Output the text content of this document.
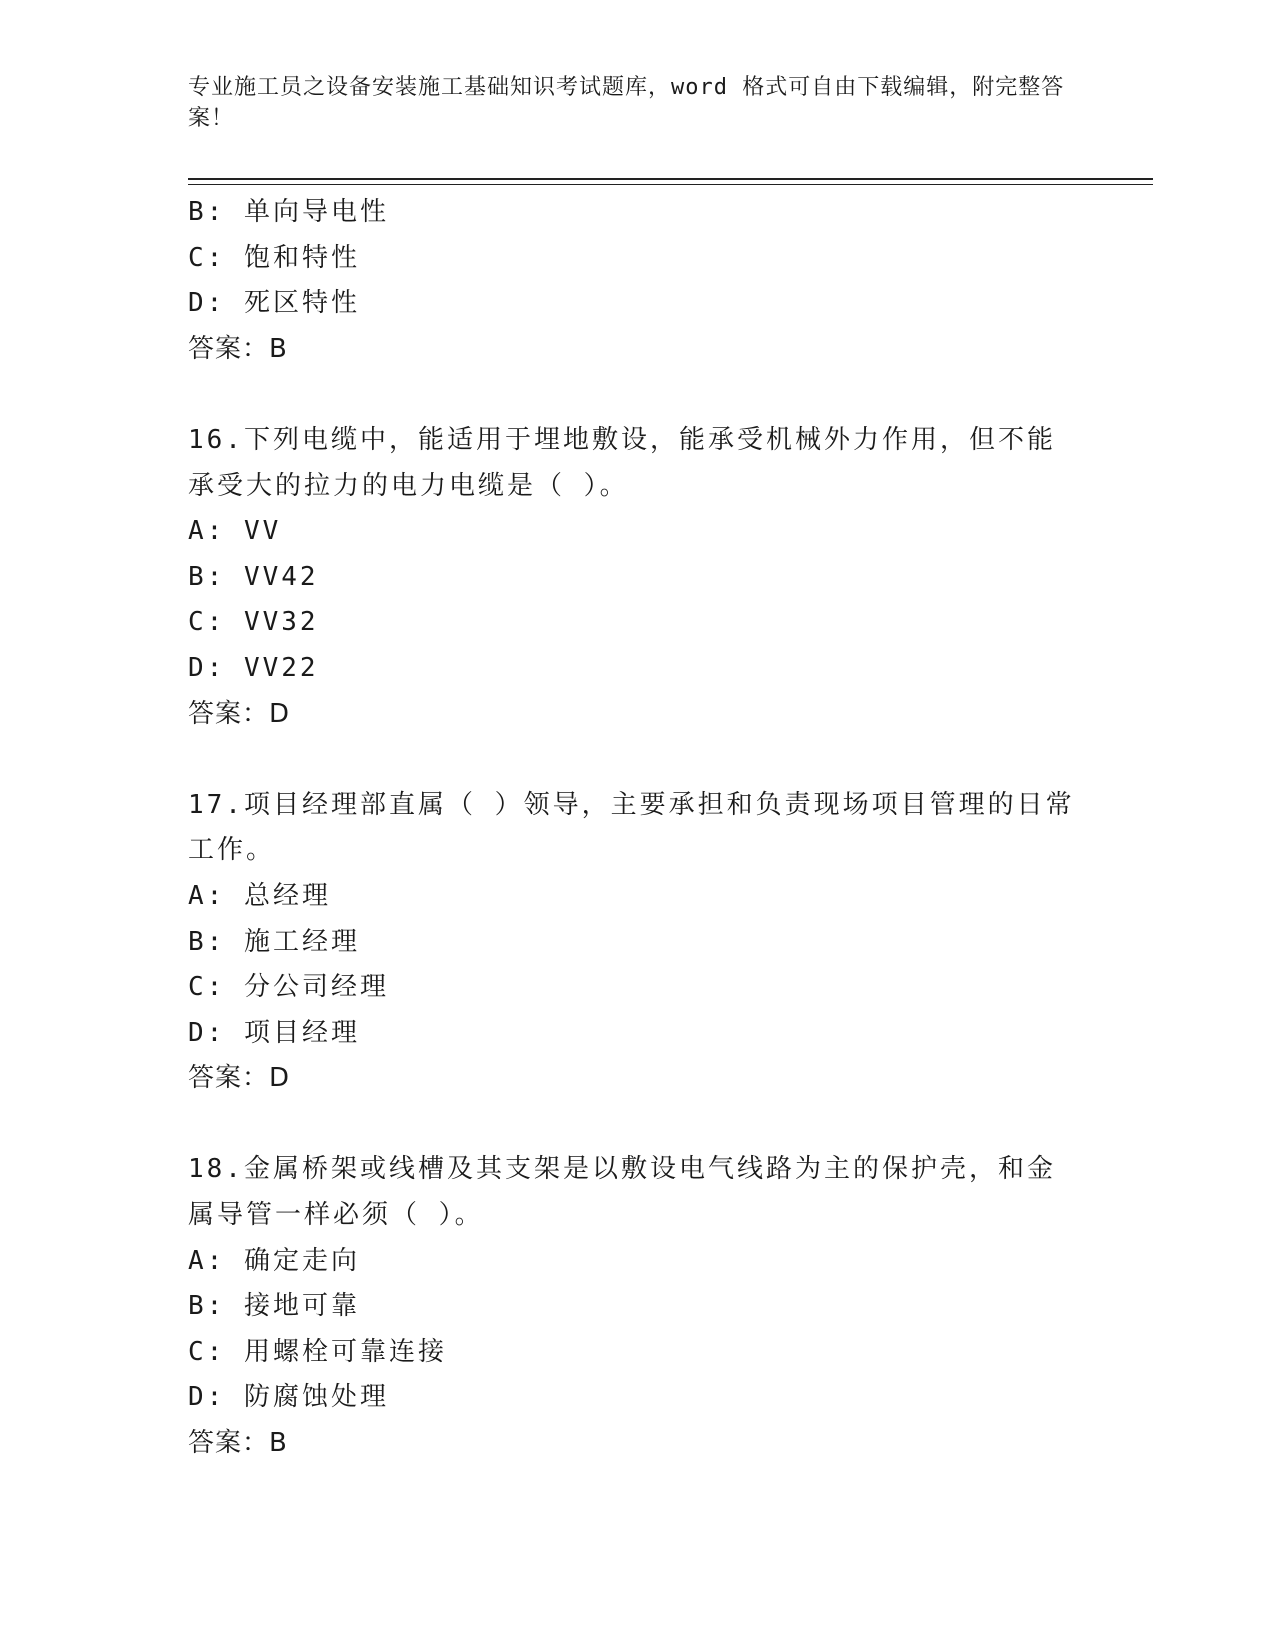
专业施工员之设备安装施工基础知识考试题库，word 格式可自由下载编辑，附完整答案！
B: 单向导电性
C: 饱和特性
D: 死区特性
答案：B
16.下列电缆中，能适用于埋地敷设，能承受机械外力作用，但不能承受大的拉力的电力电缆是（ ）。
A: VV
B: VV42
C: VV32
D: VV22
答案：D
17.项目经理部直属（ ）领导，主要承担和负责现场项目管理的日常工作。
A: 总经理
B: 施工经理
C: 分公司经理
D: 项目经理
答案：D
18.金属桥架或线槽及其支架是以敷设电气线路为主的保护壳，和金属导管一样必须（ ）。
A: 确定走向
B: 接地可靠
C: 用螺栓可靠连接
D: 防腐蚀处理
答案：B
